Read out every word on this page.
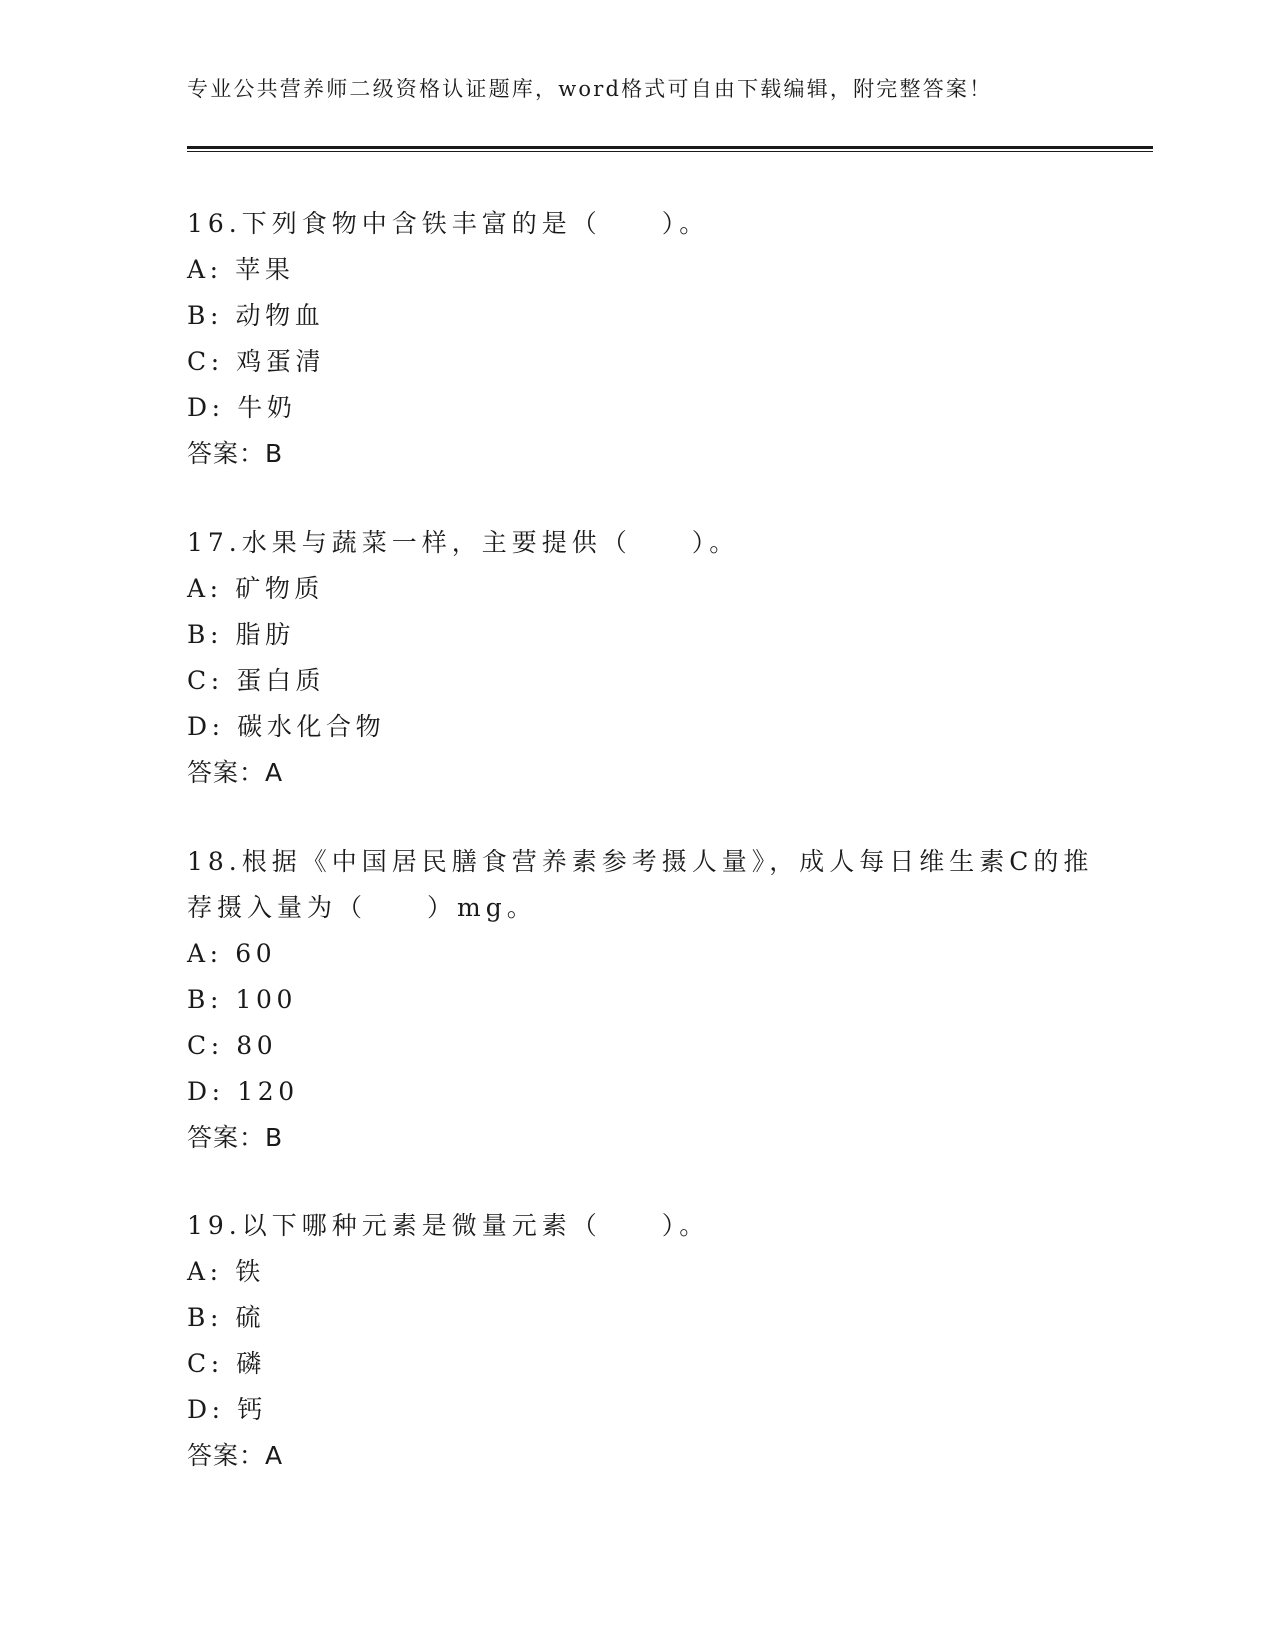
专业公共营养师二级资格认证题库，word格式可自由下载编辑，附完整答案！
16.下列食物中含铁丰富的是（　　）。
A: 苹果
B: 动物血
C: 鸡蛋清
D: 牛奶
答案：B
17.水果与蔬菜一样，主要提供（　　）。
A: 矿物质
B: 脂肪
C: 蛋白质
D: 碳水化合物
答案：A
18.根据《中国居民膳食营养素参考摄人量》，成人每日维生素C的推
荐摄入量为（　　）mg。
A: 60
B: 100
C: 80
D: 120
答案：B
19.以下哪种元素是微量元素（　　）。
A: 铁
B: 硫
C: 磷
D: 钙
答案：A
